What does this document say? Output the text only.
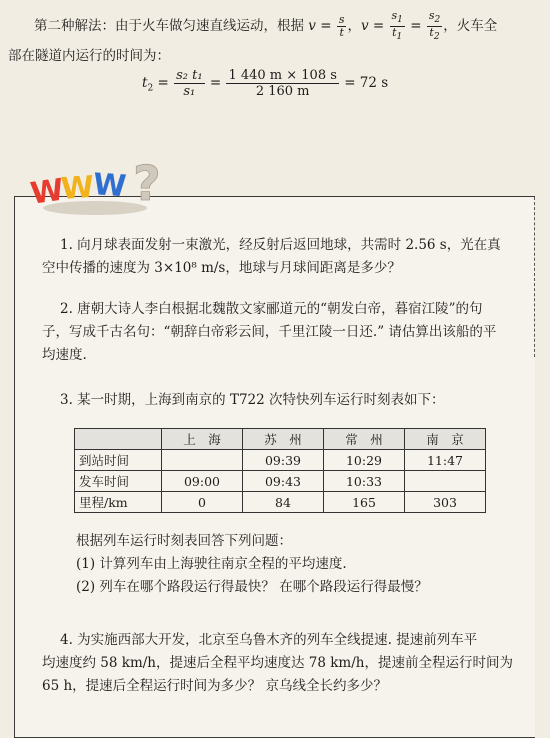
第二种解法：由于火车做匀速直线运动，根据 $v = \frac{s}{t}$ ，$v = \frac{s_1}{t_1} = \frac{s_2}{t_2}$ ，火车全
部在隧道内运行的时间为：
$t_2 = \frac{\text{s₂ t₁}}{\text{s₁}} = \frac{1 440 m \times 108 s}{2 160 m} = 72$ s
W
W
W ?
1. 向月球表面发射一束激光，经反射后返回地球，共需时 2.56 s，光在真
空中传播的速度为 3×10⁸ m/s，地球与月球间距离是多少？
2. 唐朝大诗人李白根据北魏散文家郦道元的“朝发白帝，暮宿江陵”的句
子，写成千古名句：“朝辞白帝彩云间，千里江陵一日还.” 请估算出该船的平
均速度.
3. 某一时期，上海到南京的 T722 次特快列车运行时刻表如下：
	上　海	苏　州	常　州	南　京
到站时间		09:39	10:29	11:47
发车时间	09:00	09:43	10:33	
里程/km	0	84	165	303
根据列车运行时刻表回答下列问题：
(1) 计算列车由上海驶往南京全程的平均速度.
(2) 列车在哪个路段运行得最快？ 在哪个路段运行得最慢？
4. 为实施西部大开发，北京至乌鲁木齐的列车全线提速. 提速前列车平
均速度约 58 km/h，提速后全程平均速度达 78 km/h，提速前全程运行时间为
65 h，提速后全程运行时间为多少？ 京乌线全长约多少？
